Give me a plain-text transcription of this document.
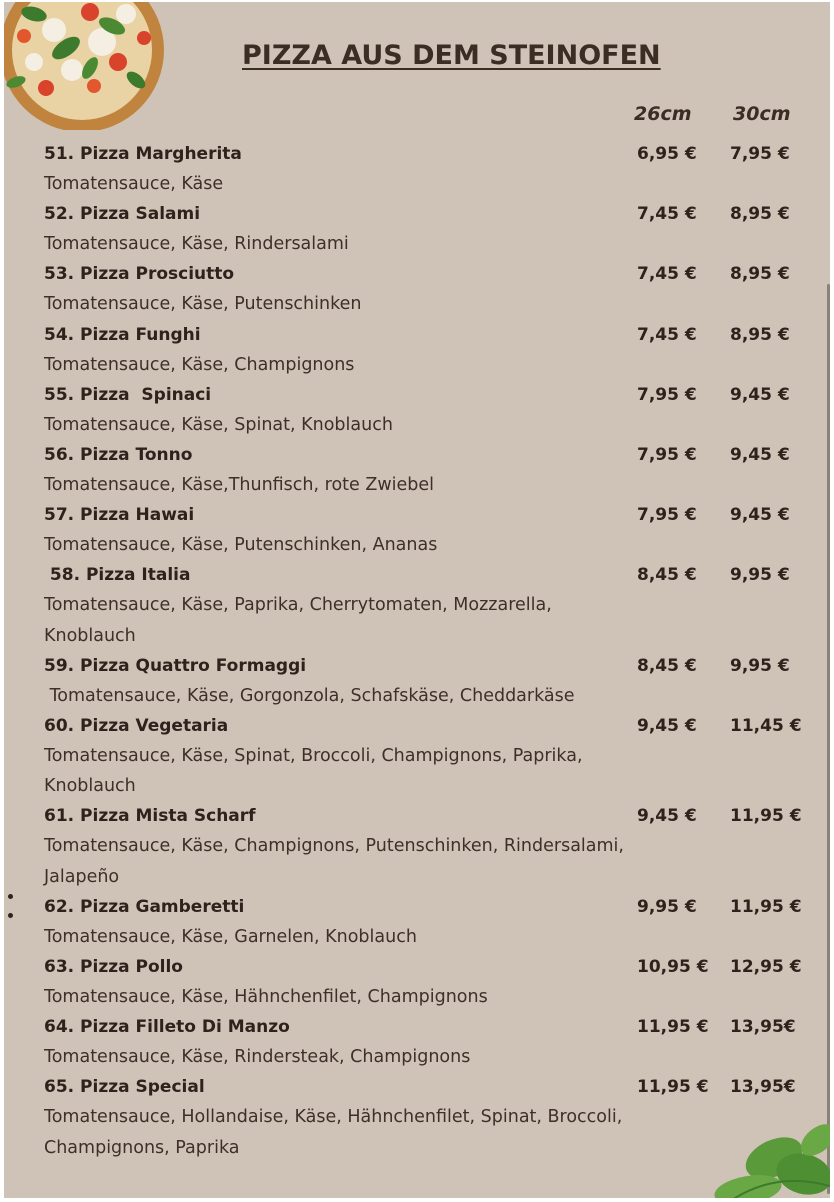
PIZZA AUS DEM STEINOFEN
26cm 30cm
51. Pizza Margherita	6,95 € 7,95 €
Tomatensauce, Käse
52. Pizza Salami	7,45 € 8,95 €
Tomatensauce, Käse, Rindersalami
53. Pizza Prosciutto	7,45 € 8,95 €
Tomatensauce, Käse, Putenschinken
54. Pizza Funghi	7,45 € 8,95 €
Tomatensauce, Käse, Champignons
55. Pizza  Spinaci	7,95 € 9,45 €
Tomatensauce, Käse, Spinat, Knoblauch
56. Pizza Tonno	7,95 € 9,45 €
Tomatensauce, Käse,Thunfisch, rote Zwiebel
57. Pizza Hawai	7,95 € 9,45 €
Tomatensauce, Käse, Putenschinken, Ananas
58. Pizza Italia	8,45 € 9,95 €
Tomatensauce, Käse, Paprika, Cherrytomaten, Mozzarella, Knoblauch
59. Pizza Quattro Formaggi	8,45 € 9,95 €
Tomatensauce, Käse, Gorgonzola, Schafskäse, Cheddarkäse
60. Pizza Vegetaria	9,45 € 11,45 €
Tomatensauce, Käse, Spinat, Broccoli, Champignons, Paprika, Knoblauch
61. Pizza Mista Scharf	9,45 € 11,95 €
Tomatensauce, Käse, Champignons, Putenschinken, Rindersalami, Jalapeño
62. Pizza Gamberetti	9,95 € 11,95 €
Tomatensauce, Käse, Garnelen, Knoblauch
63. Pizza Pollo	10,95 € 12,95 €
Tomatensauce, Käse, Hähnchenfilet, Champignons
64. Pizza Filleto Di Manzo	11,95 € 13,95€
Tomatensauce, Käse, Rindersteak, Champignons
65. Pizza Special	11,95 € 13,95€
Tomatensauce, Hollandaise, Käse, Hähnchenfilet, Spinat, Broccoli, Champignons, Paprika
